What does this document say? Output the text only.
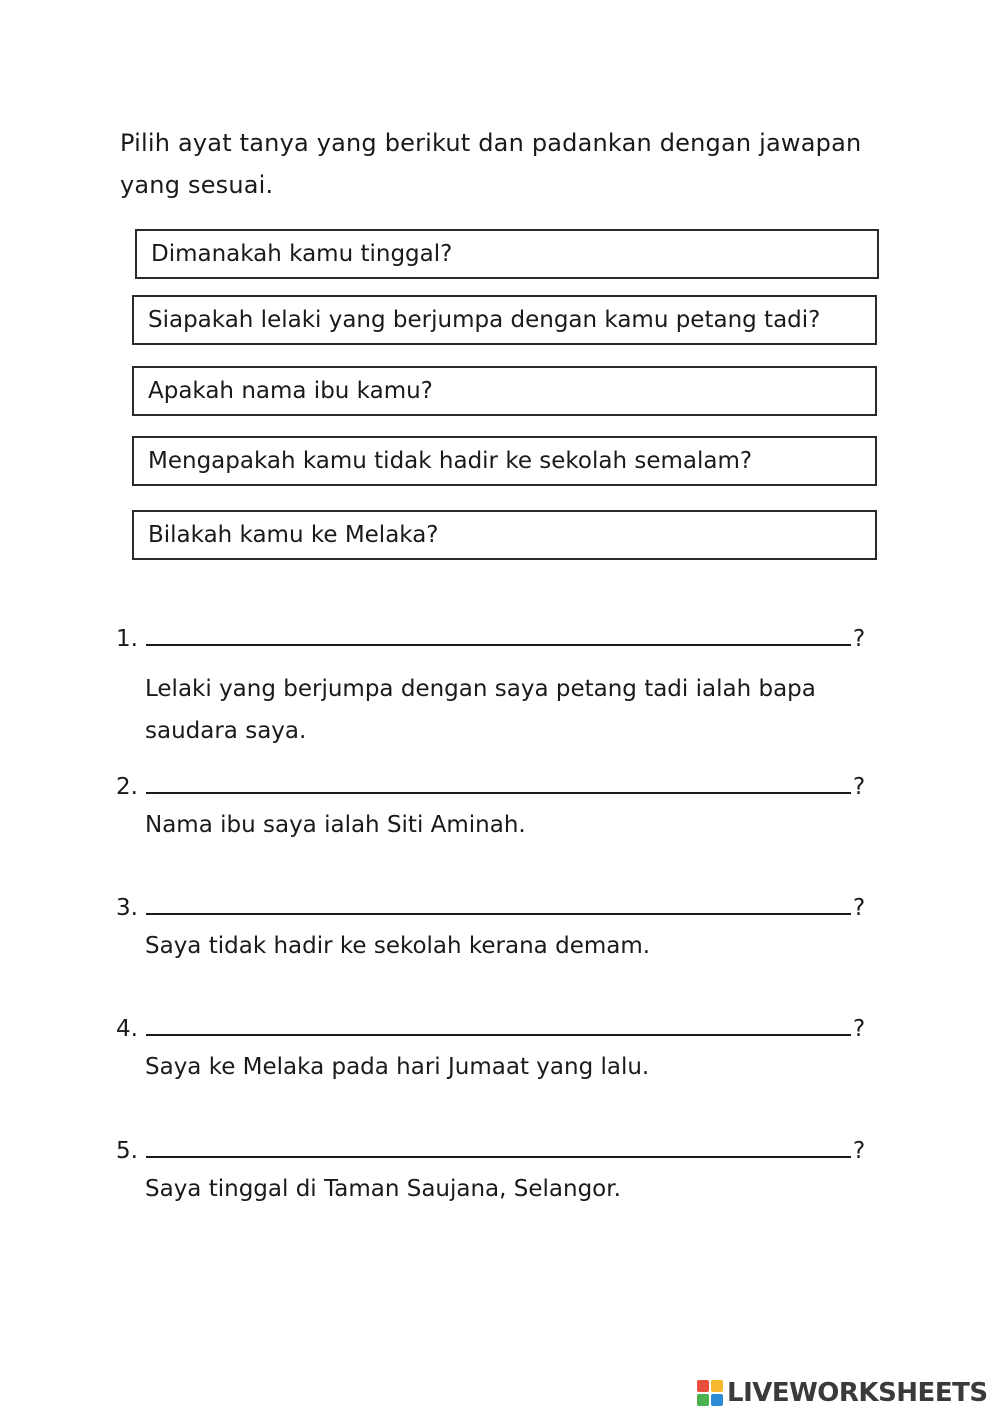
Pilih ayat tanya yang berikut dan padankan dengan jawapan yang sesuai.

Dimanakah kamu tinggal?
Siapakah lelaki yang berjumpa dengan kamu petang tadi?
Apakah nama ibu kamu?
Mengapakah kamu tidak hadir ke sekolah semalam?
Bilakah kamu ke Melaka?
1.	?

Lelaki yang berjumpa dengan saya petang tadi ialah bapa saudara saya.

2.	?

Nama ibu saya ialah Siti Aminah.

3.	?

Saya tidak hadir ke sekolah kerana demam.

4.	?

Saya ke Melaka pada hari Jumaat yang lalu.

5.	?

Saya tinggal di Taman Saujana, Selangor.

LIVEWORKSHEETS
